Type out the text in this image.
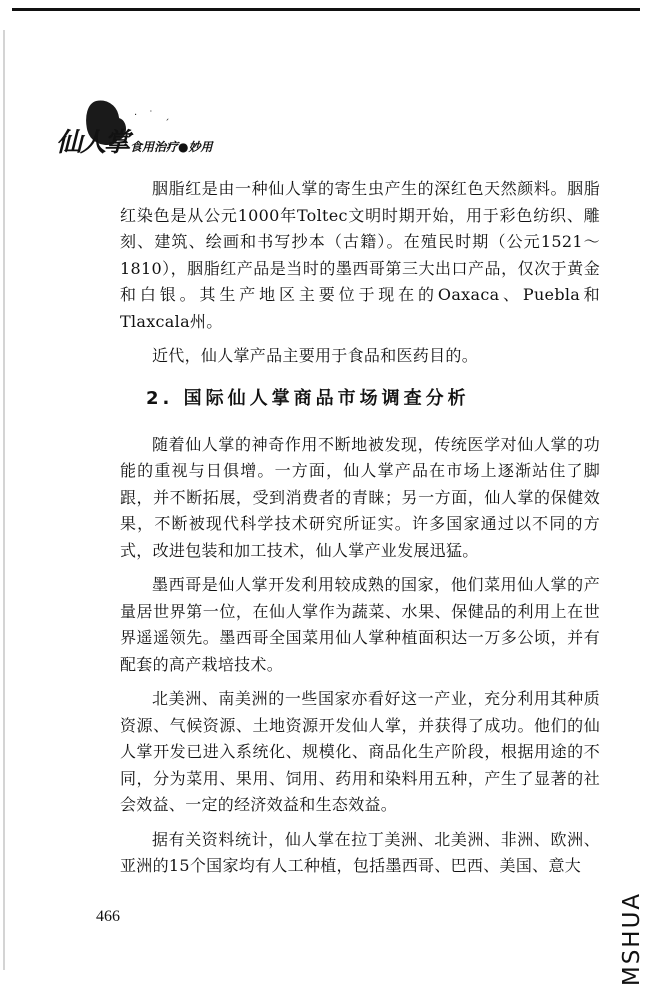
· ˙ ˏ
仙人掌 食用治疗●妙用

胭脂红是由一种仙人掌的寄生虫产生的深红色天然颜料。胭脂红染色是从公元1000年Toltec文明时期开始，用于彩色纺织、雕刻、建筑、绘画和书写抄本（古籍）。在殖民时期（公元1521～1810），胭脂红产品是当时的墨西哥第三大出口产品，仅次于黄金和白银。其生产地区主要位于现在的Oaxaca、Puebla和Tlaxcala州。

近代，仙人掌产品主要用于食品和医药目的。

2. 国际仙人掌商品市场调查分析

随着仙人掌的神奇作用不断地被发现，传统医学对仙人掌的功能的重视与日俱增。一方面，仙人掌产品在市场上逐渐站住了脚跟，并不断拓展，受到消费者的青睐；另一方面，仙人掌的保健效果，不断被现代科学技术研究所证实。许多国家通过以不同的方式，改进包装和加工技术，仙人掌产业发展迅猛。

墨西哥是仙人掌开发利用较成熟的国家，他们菜用仙人掌的产量居世界第一位，在仙人掌作为蔬菜、水果、保健品的利用上在世界遥遥领先。墨西哥全国菜用仙人掌种植面积达一万多公顷，并有配套的高产栽培技术。

北美洲、南美洲的一些国家亦看好这一产业，充分利用其种质资源、气候资源、土地资源开发仙人掌，并获得了成功。他们的仙人掌开发已进入系统化、规模化、商品化生产阶段，根据用途的不同，分为菜用、果用、饲用、药用和染料用五种，产生了显著的社会效益、一定的经济效益和生态效益。

据有关资料统计，仙人掌在拉丁美洲、北美洲、非洲、欧洲、亚洲的15个国家均有人工种植，包括墨西哥、巴西、美国、意大

466	MSHUA
